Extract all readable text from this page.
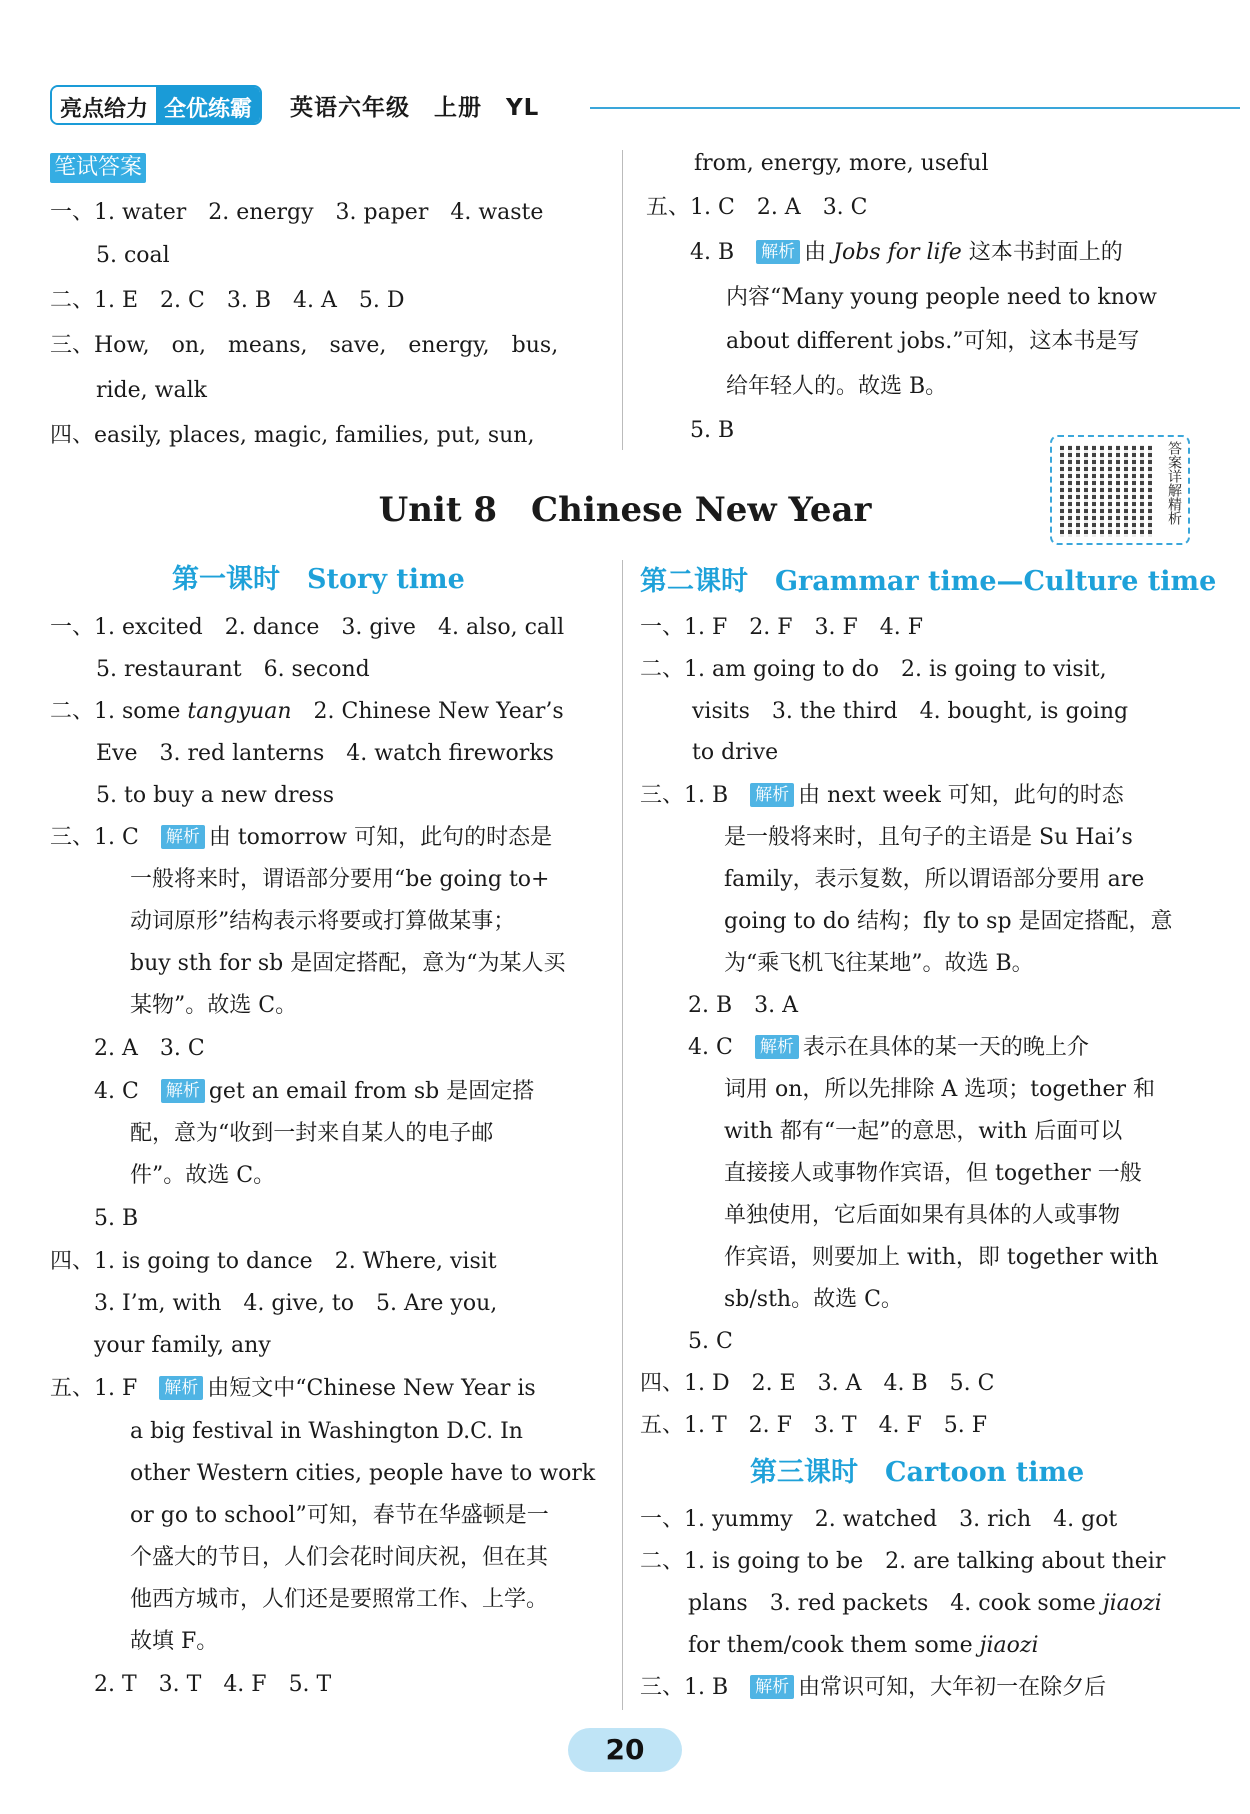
亮点给力 全优练霸	英语六年级　上册　YL
笔试答案
一、1. water　2. energy　3. paper　4. waste
5. coal
二、1. E　2. C　3. B　4. A　5. D
三、How,　on,　means,　save,　energy,　bus,
ride, walk
四、easily, places, magic, families, put, sun,
from, energy, more, useful
五、1. C　2. A　3. C
4. B　 解析 由 Jobs for life 这本书封面上的
内容“Many young people need to know
about different jobs.”可知，这本书是写
给年轻人的。故选 B。
5. B
答案详解精析
Unit 8　Chinese New Year
第一课时　Story time
一、1. excited　2. dance　3. give　4. also, call
5. restaurant　6. second
二、1. some tangyuan　2. Chinese New Year’s
Eve　3. red lanterns　4. watch fireworks
5. to buy a new dress
三、1. C　 解析 由 tomorrow 可知，此句的时态是
一般将来时，谓语部分要用“be going to+
动词原形”结构表示将要或打算做某事；
buy sth for sb 是固定搭配，意为“为某人买
某物”。故选 C。
2. A　3. C
4. C　 解析 get an email from sb 是固定搭
配，意为“收到一封来自某人的电子邮
件”。故选 C。
5. B
四、1. is going to dance　2. Where, visit
3. I’m, with　4. give, to　5. Are you,
your family, any
五、1. F　 解析 由短文中“Chinese New Year is
a big festival in Washington D.C. In
other Western cities, people have to work
or go to school”可知，春节在华盛顿是一
个盛大的节日，人们会花时间庆祝，但在其
他西方城市，人们还是要照常工作、上学。
故填 F。
2. T　3. T　4. F　5. T
第二课时　Grammar time—Culture time
一、1. F　2. F　3. F　4. F
二、1. am going to do　2. is going to visit,
visits　3. the third　4. bought, is going
to drive
三、1. B　 解析 由 next week 可知，此句的时态
是一般将来时，且句子的主语是 Su Hai’s
family，表示复数，所以谓语部分要用 are
going to do 结构；fly to sp 是固定搭配，意
为“乘飞机飞往某地”。故选 B。
2. B　3. A
4. C　 解析 表示在具体的某一天的晚上介
词用 on，所以先排除 A 选项；together 和
with 都有“一起”的意思，with 后面可以
直接接人或事物作宾语，但 together 一般
单独使用，它后面如果有具体的人或事物
作宾语，则要加上 with，即 together with
sb/sth。故选 C。
5. C
四、1. D　2. E　3. A　4. B　5. C
五、1. T　2. F　3. T　4. F　5. F
第三课时　Cartoon time
一、1. yummy　2. watched　3. rich　4. got
二、1. is going to be　2. are talking about their
plans　3. red packets　4. cook some jiaozi
for them/cook them some jiaozi
三、1. B　 解析 由常识可知，大年初一在除夕后
20
